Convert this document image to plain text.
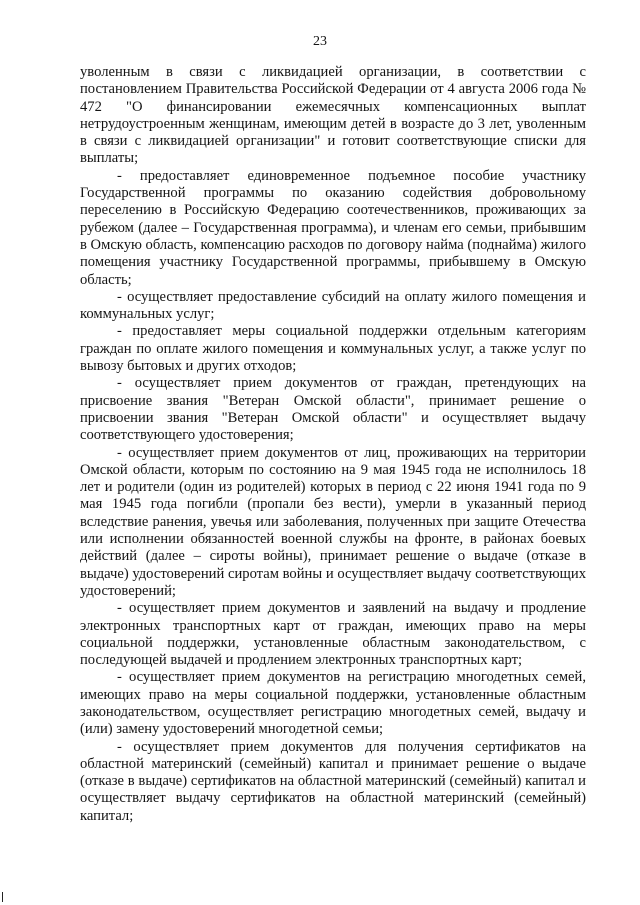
23

уволенным в связи с ликвидацией организации, в соответствии с постановлением Правительства Российской Федерации от 4 августа 2006 года № 472 "О финансировании ежемесячных компенсационных выплат нетрудоустроенным женщинам, имеющим детей в возрасте до 3 лет, уволенным в связи с ликвидацией организации" и готовит соответствующие списки для выплаты;

- предоставляет единовременное подъемное пособие участнику Государственной программы по оказанию содействия добровольному переселению в Российскую Федерацию соотечественников, проживающих за рубежом (далее – Государственная программа), и членам его семьи, прибывшим в Омскую область, компенсацию расходов по договору найма (поднайма) жилого помещения участнику Государственной программы, прибывшему в Омскую область;

- осуществляет предоставление субсидий на оплату жилого помещения и коммунальных услуг;

- предоставляет меры социальной поддержки отдельным категориям граждан по оплате жилого помещения и коммунальных услуг, а также услуг по вывозу бытовых и других отходов;

- осуществляет прием документов от граждан, претендующих на присвоение звания "Ветеран Омской области", принимает решение о присвоении звания "Ветеран Омской области" и осуществляет выдачу соответствующего удостоверения;

- осуществляет прием документов от лиц, проживающих на территории Омской области, которым по состоянию на 9 мая 1945 года не исполнилось 18 лет и родители (один из родителей) которых в период с 22 июня 1941 года по 9 мая 1945 года погибли (пропали без вести), умерли в указанный период вследствие ранения, увечья или заболевания, полученных при защите Отечества или исполнении обязанностей военной службы на фронте, в районах боевых действий (далее – сироты войны), принимает решение о выдаче (отказе в выдаче) удостоверений сиротам войны и осуществляет выдачу соответствующих удостоверений;

- осуществляет прием документов и заявлений на выдачу и продление электронных транспортных карт от граждан, имеющих право на меры социальной поддержки, установленные областным законодательством, с последующей выдачей и продлением электронных транспортных карт;

- осуществляет прием документов на регистрацию многодетных семей, имеющих право на меры социальной поддержки, установленные областным законодательством, осуществляет регистрацию многодетных семей, выдачу и (или) замену удостоверений многодетной семьи;

- осуществляет прием документов для получения сертификатов на областной материнский (семейный) капитал и принимает решение о выдаче (отказе в выдаче) сертификатов на областной материнский (семейный) капитал и осуществляет выдачу сертификатов на областной материнский (семейный) капитал;
